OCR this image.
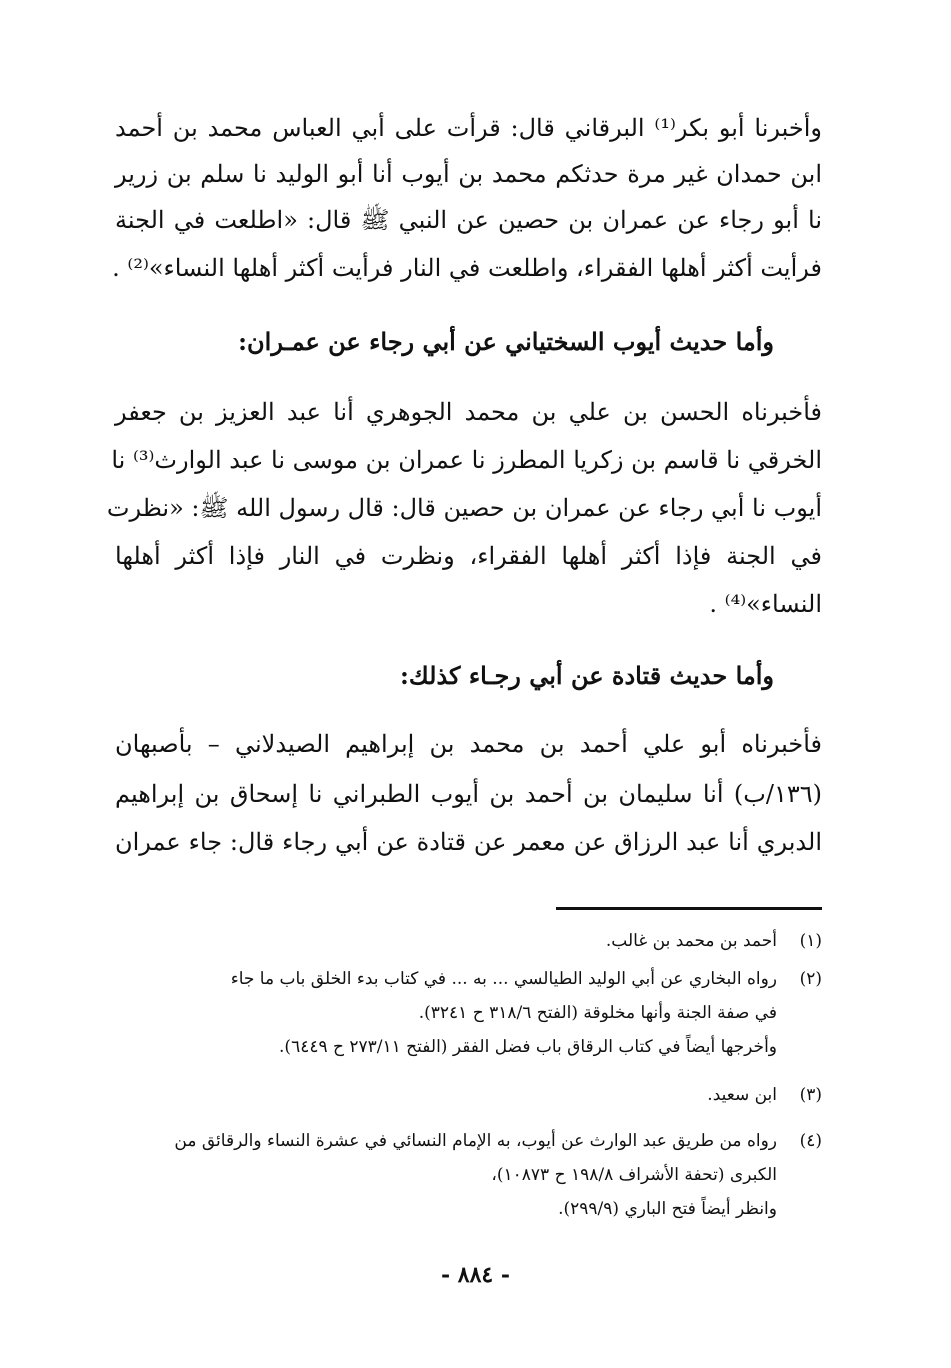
وأخبرنا أبو بكر⁽¹⁾ البرقاني قال: قرأت على أبي العباس محمد بن أحمد
ابن حمدان غير مرة حدثكم محمد بن أيوب أنا أبو الوليد نا سلم بن زرير
نا أبو رجاء عن عمران بن حصين عن النبي ﷺ قال: «اطلعت في الجنة
فرأيت أكثر أهلها الفقراء، واطلعت في النار فرأيت أكثر أهلها النساء»⁽²⁾ .
وأما حديث أيوب السختياني عن أبي رجاء عن عمـران:
فأخبرناه الحسن بن علي بن محمد الجوهري أنا عبد العزيز بن جعفر
الخرقي نا قاسم بن زكريا المطرز نا عمران بن موسى نا عبد الوارث⁽³⁾ نا
أيوب نا أبي رجاء عن عمران بن حصين قال: قال رسول الله ﷺ: «نظرت
في الجنة فإذا أكثر أهلها الفقراء، ونظرت في النار فإذا أكثر أهلها
النساء»⁽⁴⁾ .
وأما حديث قتادة عن أبي رجـاء كذلك:
فأخبرناه أبو علي أحمد بن محمد بن إبراهيم الصيدلاني – بأصبهان
(١٣٦/ب) أنا سليمان بن أحمد بن أيوب الطبراني نا إسحاق بن إبراهيم
الدبري أنا عبد الرزاق عن معمر عن قتادة عن أبي رجاء قال: جاء عمران
(١)أحمد بن محمد بن غالب.
(٢)رواه البخاري عن أبي الوليد الطيالسي ... به ... في كتاب بدء الخلق باب ما جاء
في صفة الجنة وأنها مخلوقة (الفتح ٣١٨/٦ ح ٣٢٤١).
وأخرجها أيضاً في كتاب الرقاق باب فضل الفقر (الفتح ٢٧٣/١١ ح ٦٤٤٩).
(٣)ابن سعيد.
(٤)رواه من طريق عبد الوارث عن أيوب، به الإمام النسائي في عشرة النساء والرقائق من
الكبرى (تحفة الأشراف ١٩٨/٨ ح ١٠٨٧٣)،
وانظر أيضاً فتح الباري (٢٩٩/٩).
- ٨٨٤ -
